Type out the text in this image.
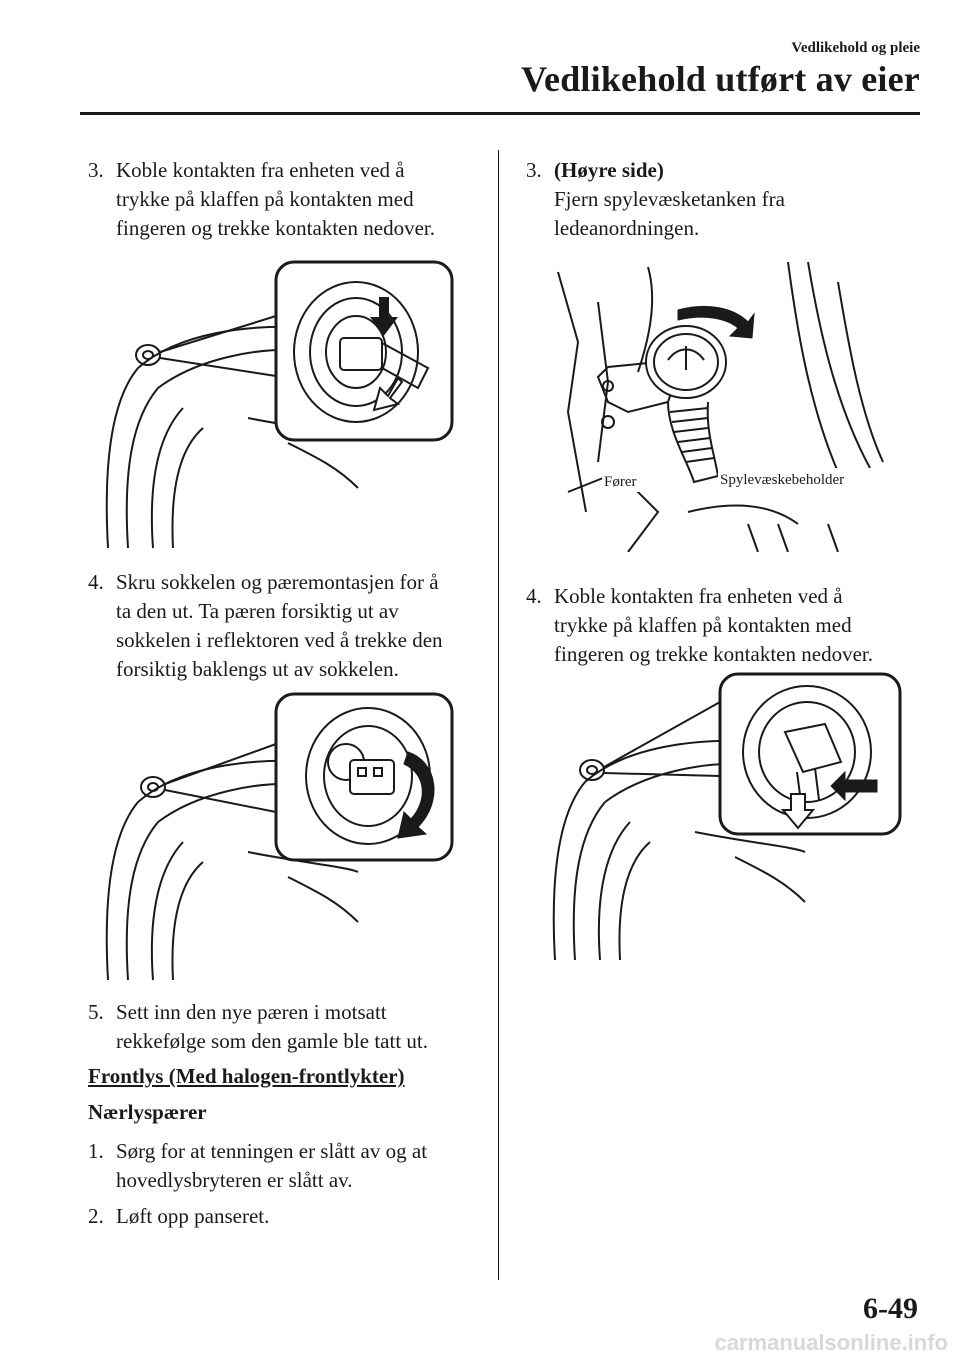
Vedlikehold og pleie
Vedlikehold utført av eier
3. Koble kontakten fra enheten ved å
trykke på klaffen på kontakten med
fingeren og trekke kontakten nedover.
4. Skru sokkelen og pæremontasjen for å
ta den ut. Ta pæren forsiktig ut av
sokkelen i reflektoren ved å trekke den
forsiktig baklengs ut av sokkelen.
5. Sett inn den nye pæren i motsatt
rekkefølge som den gamle ble tatt ut.
Frontlys (Med halogen-frontlykter)
Nærlyspærer
1. Sørg for at tenningen er slått av og at
hovedlysbryteren er slått av.
2. Løft opp panseret.
3. (Høyre side)
Fjern spylevæsketanken fra
ledeanordningen.
Fører	Spylevæskebeholder
4. Koble kontakten fra enheten ved å
trykke på klaffen på kontakten med
fingeren og trekke kontakten nedover.
6-49
carmanualsonline.info
